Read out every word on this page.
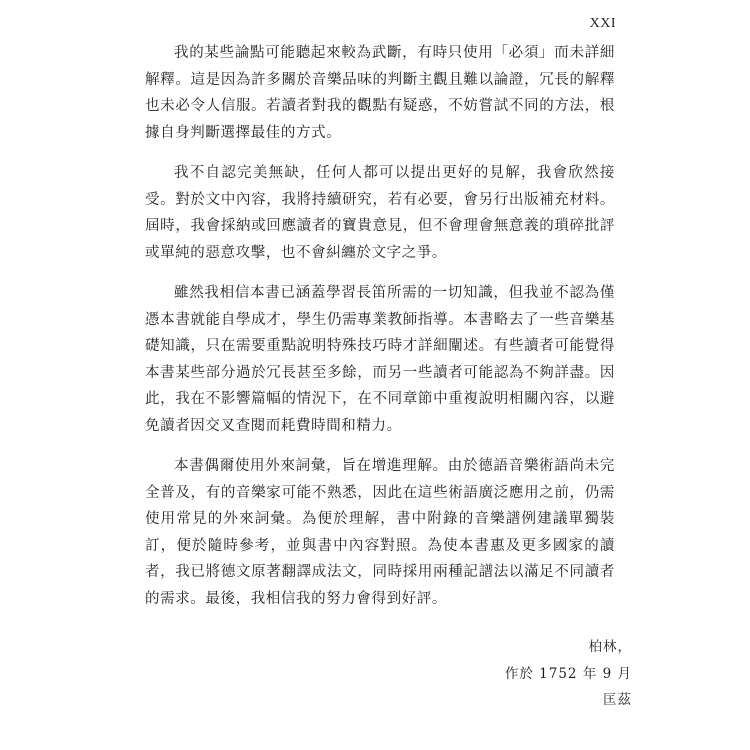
XXI

我的某些論點可能聽起來較為武斷，有時只使用「必須」而未詳細解釋。這是因為許多關於音樂品味的判斷主觀且難以論證，冗長的解釋也未必令人信服。若讀者對我的觀點有疑惑，不妨嘗試不同的方法，根據自身判斷選擇最佳的方式。

我不自認完美無缺，任何人都可以提出更好的見解，我會欣然接受。對於文中內容，我將持續研究，若有必要，會另行出版補充材料。屆時，我會採納或回應讀者的寶貴意見，但不會理會無意義的瑣碎批評或單純的惡意攻擊，也不會糾纏於文字之爭。

雖然我相信本書已涵蓋學習長笛所需的一切知識，但我並不認為僅憑本書就能自學成才，學生仍需專業教師指導。本書略去了一些音樂基礎知識，只在需要重點說明特殊技巧時才詳細闡述。有些讀者可能覺得本書某些部分過於冗長甚至多餘，而另一些讀者可能認為不夠詳盡。因此，我在不影響篇幅的情況下，在不同章節中重複說明相關內容，以避免讀者因交叉查閱而耗費時間和精力。

本書偶爾使用外來詞彙，旨在增進理解。由於德語音樂術語尚未完全普及，有的音樂家可能不熟悉，因此在這些術語廣泛應用之前，仍需使用常見的外來詞彙。為便於理解，書中附錄的音樂譜例建議單獨裝訂，便於隨時參考，並與書中內容對照。為使本書惠及更多國家的讀者，我已將德文原著翻譯成法文，同時採用兩種記譜法以滿足不同讀者的需求。最後，我相信我的努力會得到好評。

柏林，
作於 1752 年 9 月
匡茲
